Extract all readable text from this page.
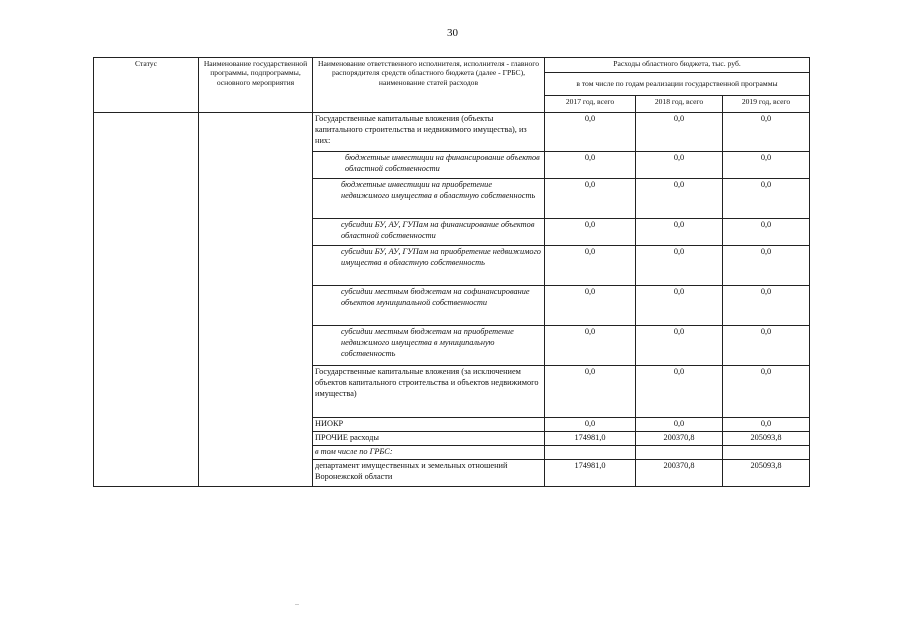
30
Статус	Наименование государственной программы, подпрограммы, основного мероприятия	Наименование ответственного исполнителя, исполнителя - главного распорядителя средств областного бюджета (далее - ГРБС), наименование статей расходов	Расходы областного бюджета, тыс. руб.		
			в том числе по годам реализации государственной программы		
			2017 год, всего	2018 год, всего	2019 год, всего
		Государственные капитальные вложения (объекты капитального строительства и недвижимого имущества), из них:	0,0	0,0	0,0
		бюджетные инвестиции на финансирование объектов областной собственности	0,0	0,0	0,0
		бюджетные инвестиции на приобретение недвижимого имущества в областную собственность	0,0	0,0	0,0
		субсидии БУ, АУ, ГУПам на финансирование объектов областной собственности	0,0	0,0	0,0
		субсидии БУ, АУ, ГУПам на приобретение недвижимого имущества в областную собственность	0,0	0,0	0,0
		субсидии местным бюджетам на софинансирование объектов муниципальной собственности	0,0	0,0	0,0
		субсидии местным бюджетам на приобретение недвижимого имущества в муниципальную собственность	0,0	0,0	0,0
		Государственные капитальные вложения (за исключением объектов капитального строительства и объектов недвижимого имущества)	0,0	0,0	0,0
		НИОКР	0,0	0,0	0,0
		ПРОЧИЕ расходы	174981,0	200370,8	205093,8
		в том числе по ГРБС:			
		департамент имущественных и земельных отношений Воронежской области	174981,0	200370,8	205093,8
